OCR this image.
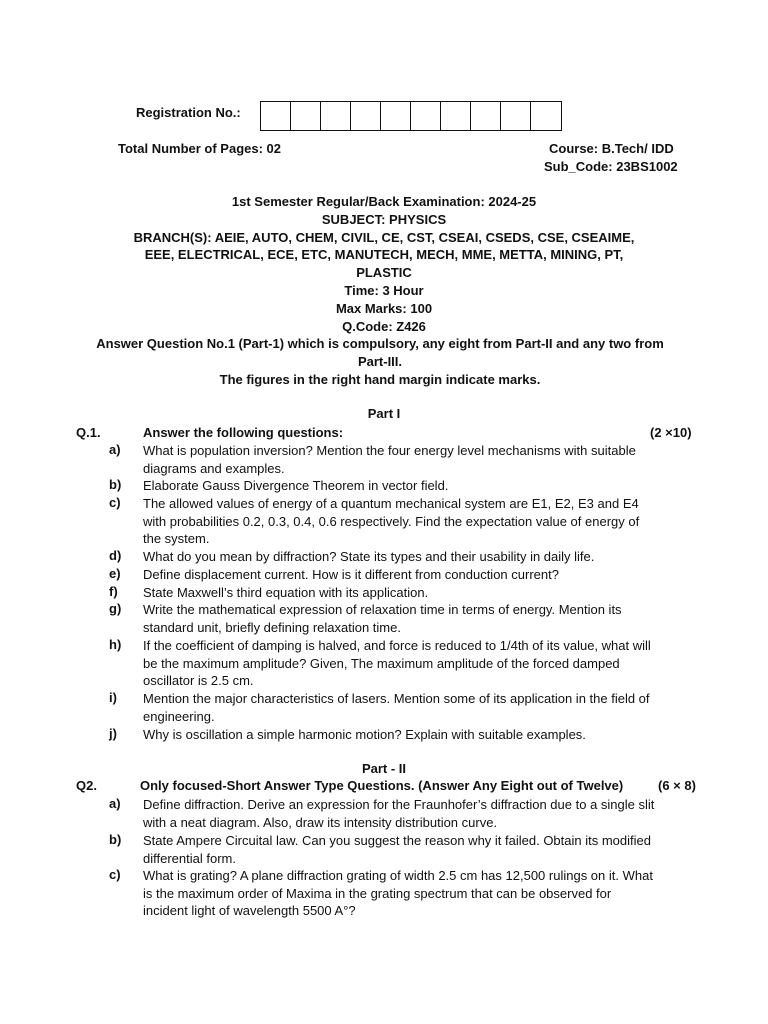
Registration No.:
Total Number of Pages: 02	Course: B.Tech/ IDD
Sub_Code: 23BS1002
1st Semester Regular/Back Examination: 2024-25
SUBJECT: PHYSICS
BRANCH(S): AEIE, AUTO, CHEM, CIVIL, CE, CST, CSEAI, CSEDS, CSE, CSEAIME,
EEE, ELECTRICAL, ECE, ETC, MANUTECH, MECH, MME, METTA, MINING, PT,
PLASTIC
Time: 3 Hour
Max Marks: 100
Q.Code: Z426
Answer Question No.1 (Part-1) which is compulsory, any eight from Part-II and any two from
Part-III.
The figures in the right hand margin indicate marks.
Part I
Q.1.	Answer the following questions:	(2 ×10)
a)	What is population inversion? Mention the four energy level mechanisms with suitable diagrams and examples.
b)	Elaborate Gauss Divergence Theorem in vector field.
c)	The allowed values of energy of a quantum mechanical system are E1, E2, E3 and E4 with probabilities 0.2, 0.3, 0.4, 0.6 respectively. Find the expectation value of energy of the system.
d)	What do you mean by diffraction? State its types and their usability in daily life.
e)	Define displacement current. How is it different from conduction current?
f)	State Maxwell’s third equation with its application.
g)	Write the mathematical expression of relaxation time in terms of energy. Mention its standard unit, briefly defining relaxation time.
h)	If the coefficient of damping is halved, and force is reduced to 1/4th of its value, what will be the maximum amplitude? Given, The maximum amplitude of the forced damped oscillator is 2.5 cm.
i)	Mention the major characteristics of lasers. Mention some of its application in the field of engineering.
j)	Why is oscillation a simple harmonic motion? Explain with suitable examples.
Part - II
Q2.	Only focused-Short Answer Type Questions. (Answer Any Eight out of Twelve)	(6 × 8)
a)	Define diffraction. Derive an expression for the Fraunhofer’s diffraction due to a single slit with a neat diagram. Also, draw its intensity distribution curve.
b)	State Ampere Circuital law. Can you suggest the reason why it failed. Obtain its modified differential form.
c)	What is grating? A plane diffraction grating of width 2.5 cm has 12,500 rulings on it. What is the maximum order of Maxima in the grating spectrum that can be observed for incident light of wavelength 5500 A°?
